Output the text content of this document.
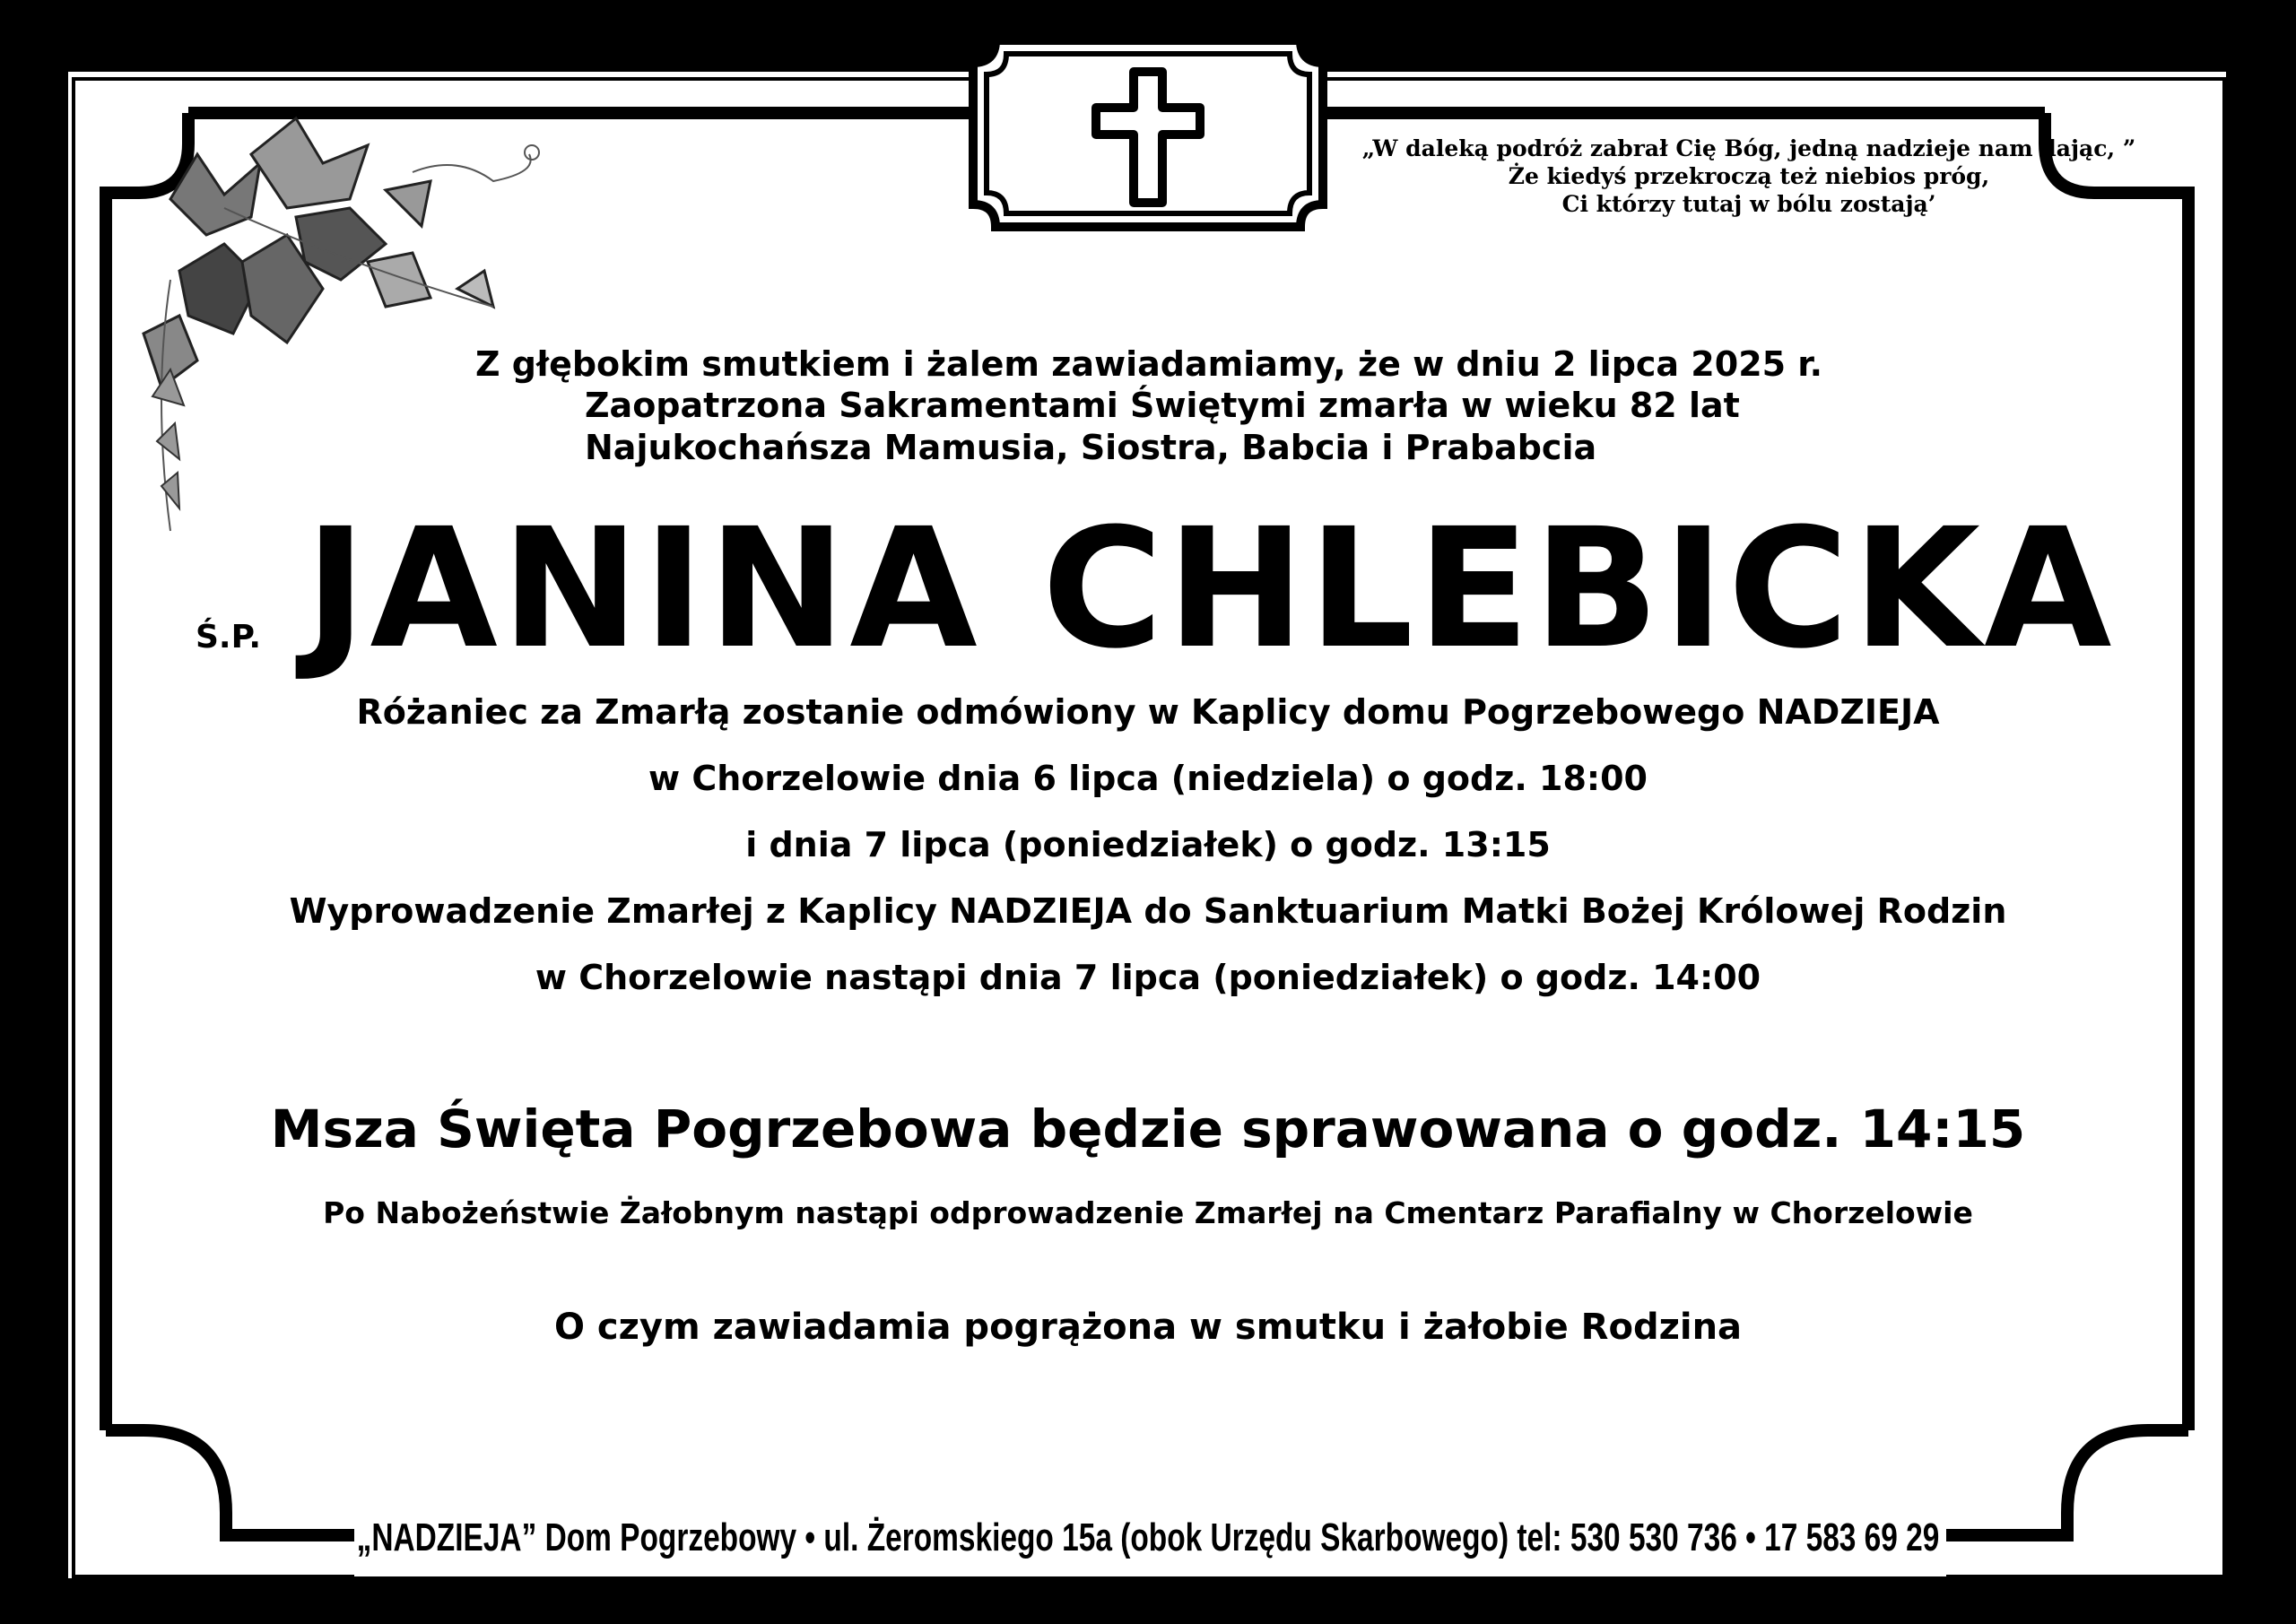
„W daleką podróż zabrał Cię Bóg, jedną nadzieje nam dając, ”
Że kiedyś przekroczą też niebios próg,
Ci którzy tutaj w bólu zostają’
Z głębokim smutkiem i żalem zawiadamiamy, że w dniu 2 lipca 2025 r.
Zaopatrzona Sakramentami Świętymi zmarła w wieku 82 lat
Najukochańsza Mamusia, Siostra, Babcia i Prababcia
Ś.P. JANINA CHLEBICKA
Różaniec za Zmarłą zostanie odmówiony w Kaplicy domu Pogrzebowego NADZIEJA
w Chorzelowie dnia 6 lipca (niedziela) o godz. 18:00
i dnia 7 lipca (poniedziałek) o godz. 13:15
Wyprowadzenie Zmarłej z Kaplicy NADZIEJA do Sanktuarium Matki Bożej Królowej Rodzin
w Chorzelowie nastąpi dnia 7 lipca (poniedziałek) o godz. 14:00
Msza Święta Pogrzebowa będzie sprawowana o godz. 14:15
Po Nabożeństwie Żałobnym nastąpi odprowadzenie Zmarłej na Cmentarz Parafialny w Chorzelowie
O czym zawiadamia pogrążona w smutku i żałobie Rodzina
„NADZIEJA” Dom Pogrzebowy • ul. Żeromskiego 15a (obok Urzędu Skarbowego) tel: 530 530 736 • 17 583 69 29
